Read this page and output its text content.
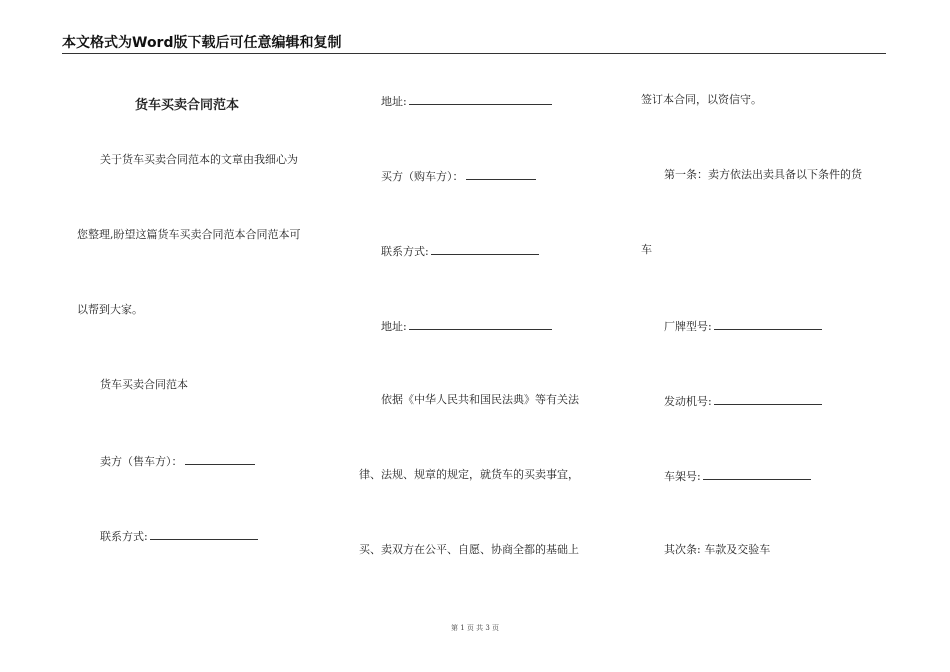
本文格式为Word版下载后可任意编辑和复制
货车买卖合同范本
关于货车买卖合同范本的文章由我细心为
您整理,盼望这篇货车买卖合同范本合同范本可
以帮到大家。
货车买卖合同范本
卖方（售车方）：
联系方式:
地址:
买方（购车方）：
联系方式:
地址:
依据《中华人民共和国民法典》等有关法
律、法规、规章的规定，就货车的买卖事宜，
买、卖双方在公平、自愿、协商全都的基础上
签订本合同，以资信守。
第一条：卖方依法出卖具备以下条件的货
车
厂牌型号:
发动机号:
车架号:
其次条: 车款及交验车
第 1 页 共 3 页
